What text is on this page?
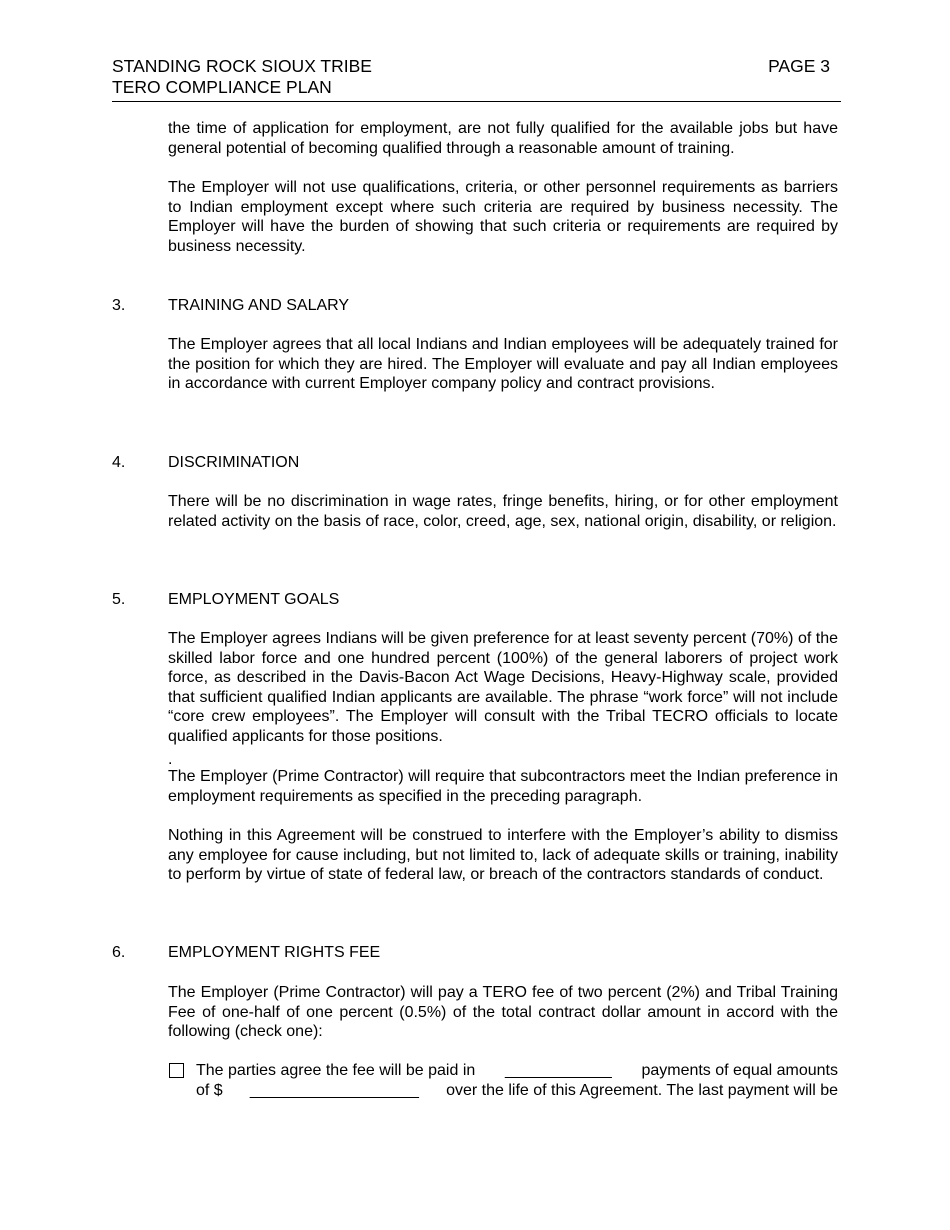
STANDING ROCK SIOUX TRIBE
TERO COMPLIANCE PLAN
PAGE 3

the time of application for employment, are not fully qualified for the available jobs but have general potential of becoming qualified through a reasonable amount of training.

The Employer will not use qualifications, criteria, or other personnel requirements as barriers to Indian employment except where such criteria are required by business necessity. The Employer will have the burden of showing that such criteria or requirements are required by business necessity.

3.	TRAINING AND SALARY

The Employer agrees that all local Indians and Indian employees will be adequately trained for the position for which they are hired. The Employer will evaluate and pay all Indian employees in accordance with current Employer company policy and contract provisions.

4.	DISCRIMINATION

There will be no discrimination in wage rates, fringe benefits, hiring, or for other employment related activity on the basis of race, color, creed, age, sex, national origin, disability, or religion.

5.	EMPLOYMENT GOALS

The Employer agrees Indians will be given preference for at least seventy percent (70%) of the skilled labor force and one hundred percent (100%) of the general laborers of project work force, as described in the Davis-Bacon Act Wage Decisions, Heavy-Highway scale, provided that sufficient qualified Indian applicants are available. The phrase “work force” will not include “core crew employees”. The Employer will consult with the Tribal TECRO officials to locate qualified applicants for those positions.

.

The Employer (Prime Contractor) will require that subcontractors meet the Indian preference in employment requirements as specified in the preceding paragraph.

Nothing in this Agreement will be construed to interfere with the Employer’s ability to dismiss any employee for cause including, but not limited to, lack of adequate skills or training, inability to perform by virtue of state of federal law, or breach of the contractors standards of conduct.

6.	EMPLOYMENT RIGHTS FEE

The Employer (Prime Contractor) will pay a TERO fee of two percent (2%) and Tribal Training Fee of one-half of one percent (0.5%) of the total contract dollar amount in accord with the following (check one):

The parties agree the fee will be paid in ____________ payments of equal amounts
of $ ___________________ over the life of this Agreement. The last payment will be
